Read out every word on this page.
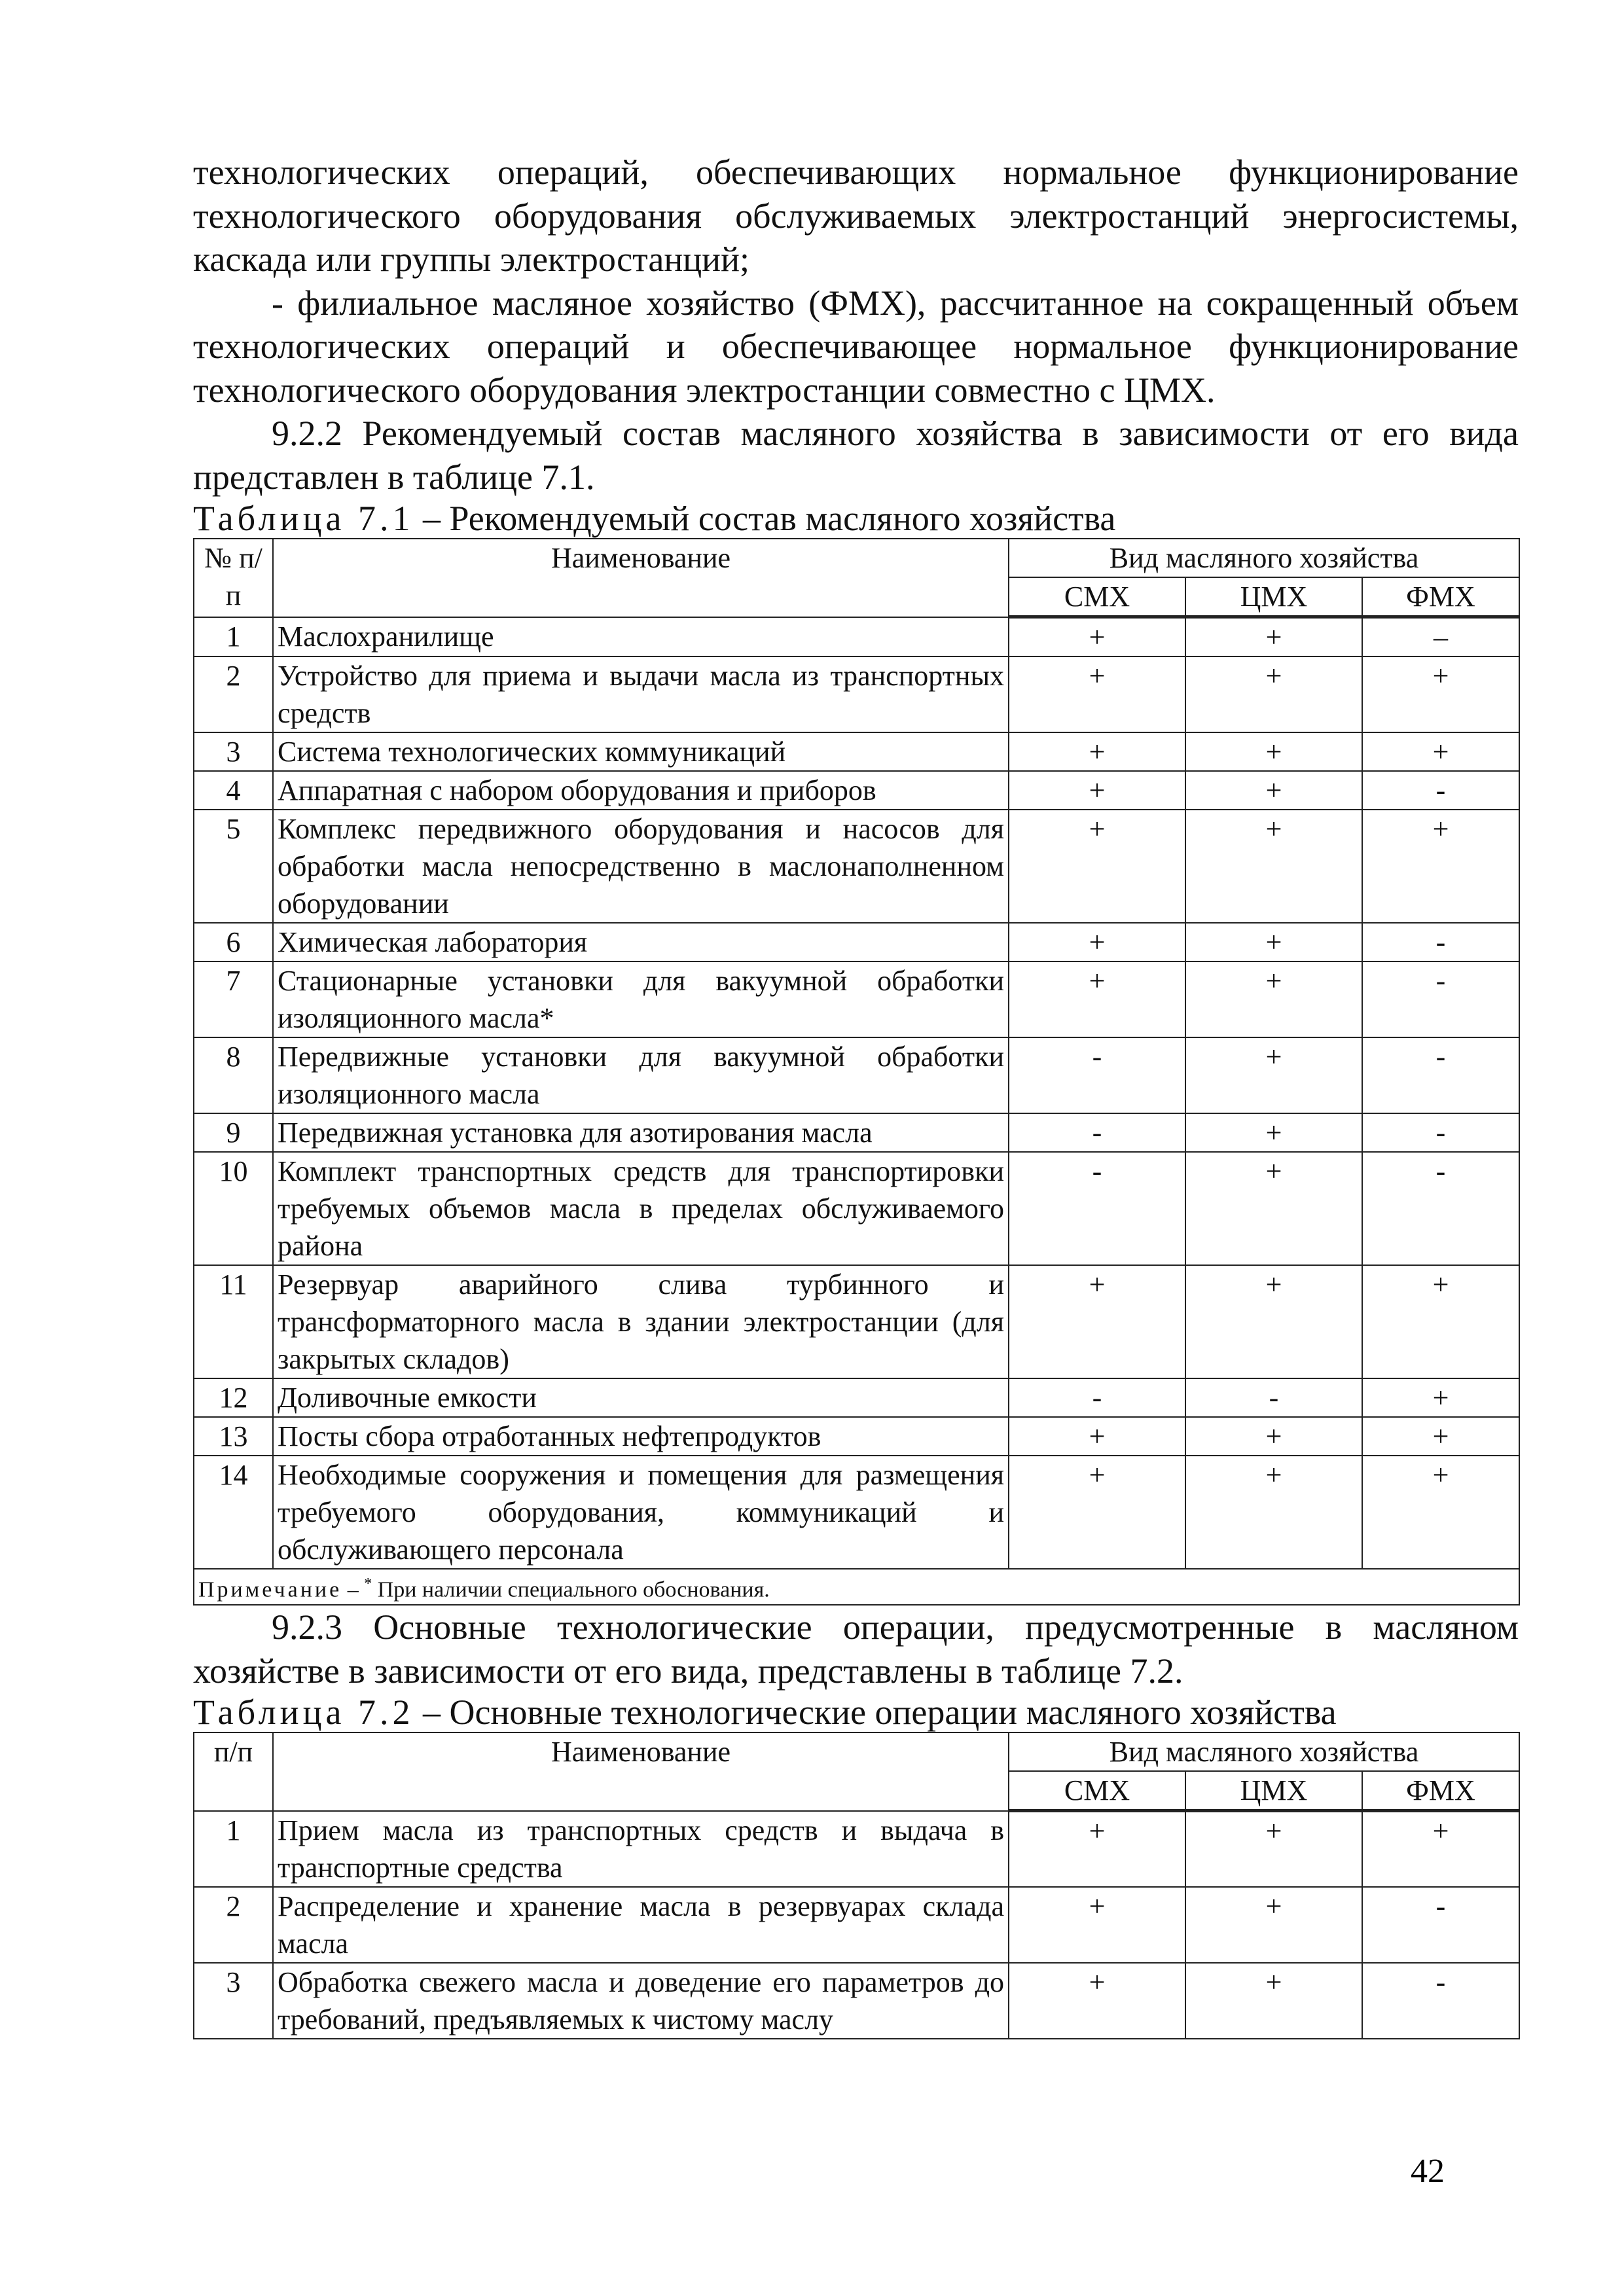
технологических операций, обеспечивающих нормальное функционирование технологического оборудования обслуживаемых электростанций энергосистемы, каскада или группы электростанций;

- филиальное масляное хозяйство (ФМХ), рассчитанное на сокращенный объем технологических операций и обеспечивающее нормальное функционирование технологического оборудования электростанции совместно с ЦМХ.

9.2.2 Рекомендуемый состав масляного хозяйства в зависимости от его вида представлен в таблице 7.1.

Таблица 7.1 – Рекомендуемый состав масляного хозяйства

№ п/п	Наименование	Вид масляного хозяйства		
		СМХ	ЦМХ	ФМХ
1	Маслохранилище	+	+	–
2	Устройство для приема и выдачи масла из транспортных средств	+	+	+
3	Система технологических коммуникаций	+	+	+
4	Аппаратная с набором оборудования и приборов	+	+	-
5	Комплекс передвижного оборудования и насосов для обработки масла непосредственно в маслонаполненном оборудовании	+	+	+
6	Химическая лаборатория	+	+	-
7	Стационарные установки для вакуумной обработки изоляционного масла*	+	+	-
8	Передвижные установки для вакуумной обработки изоляционного масла	-	+	-
9	Передвижная установка для азотирования масла	-	+	-
10	Комплект транспортных средств для транспортировки требуемых объемов масла в пределах обслуживаемого района	-	+	-
11	Резервуар аварийного слива турбинного и трансформаторного масла в здании электростанции (для закрытых складов)	+	+	+
12	Доливочные емкости	-	-	+
13	Посты сбора отработанных нефтепродуктов	+	+	+
14	Необходимые сооружения и помещения для размещения требуемого оборудования, коммуникаций и обслуживающего персонала	+	+	+
Примечание – * При наличии специального обоснования.				

9.2.3 Основные технологические операции, предусмотренные в масляном хозяйстве в зависимости от его вида, представлены в таблице 7.2.

Таблица 7.2 – Основные технологические операции масляного хозяйства

п/п	Наименование	Вид масляного хозяйства		
		СМХ	ЦМХ	ФМХ
1	Прием масла из транспортных средств и выдача в транспортные средства	+	+	+
2	Распределение и хранение масла в резервуарах склада масла	+	+	-
3	Обработка свежего масла и доведение его параметров до требований, предъявляемых к чистому маслу	+	+	-
42
